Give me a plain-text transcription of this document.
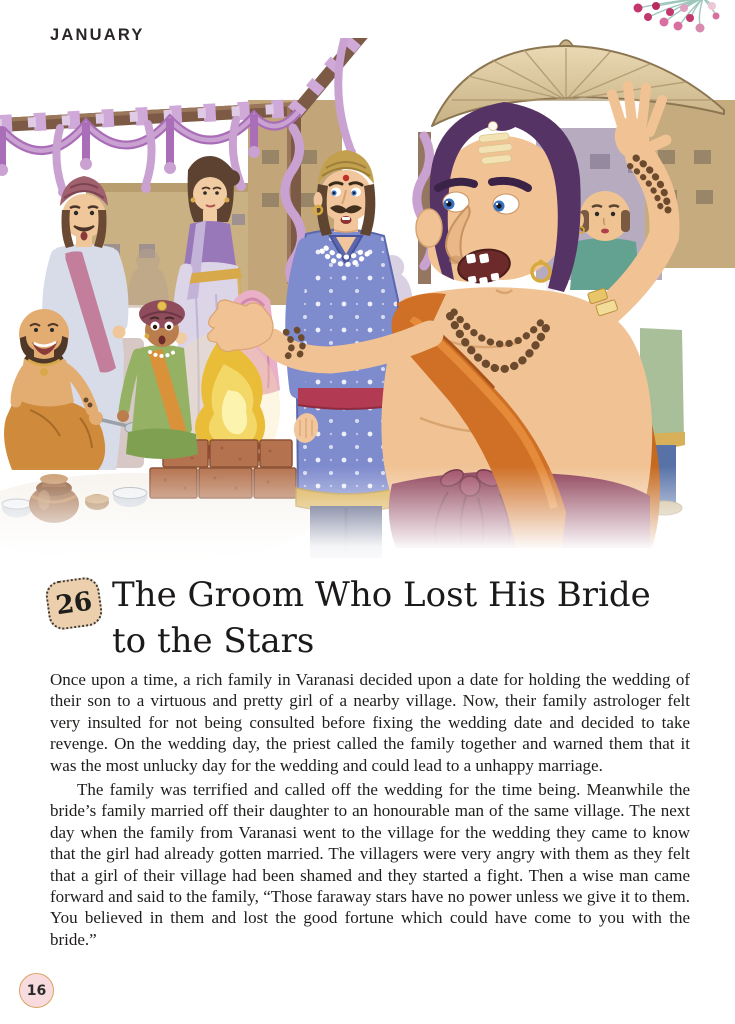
JANUARY
26 The Groom Who Lost His Bride
to the Stars

Once upon a time, a rich family in Varanasi decided upon a date for holding the wedding of their son to a virtuous and pretty girl of a nearby village. Now, their family astrologer felt very insulted for not being consulted before fixing the wedding date and decided to take revenge. On the wedding day, the priest called the family together and warned them that it was the most unlucky day for the wedding and could lead to a unhappy marriage.

The family was terrified and called off the wedding for the time being. Meanwhile the bride’s family married off their daughter to an honourable man of the same village. The next day when the family from Varanasi went to the village for the wedding they came to know that the girl had already gotten married. The villagers were very angry with them as they felt that a girl of their village had been shamed and they started a fight. Then a wise man came forward and said to the family, “Those faraway stars have no power unless we give it to them. You believed in them and lost the good fortune which could have come to you with the bride.”

16
